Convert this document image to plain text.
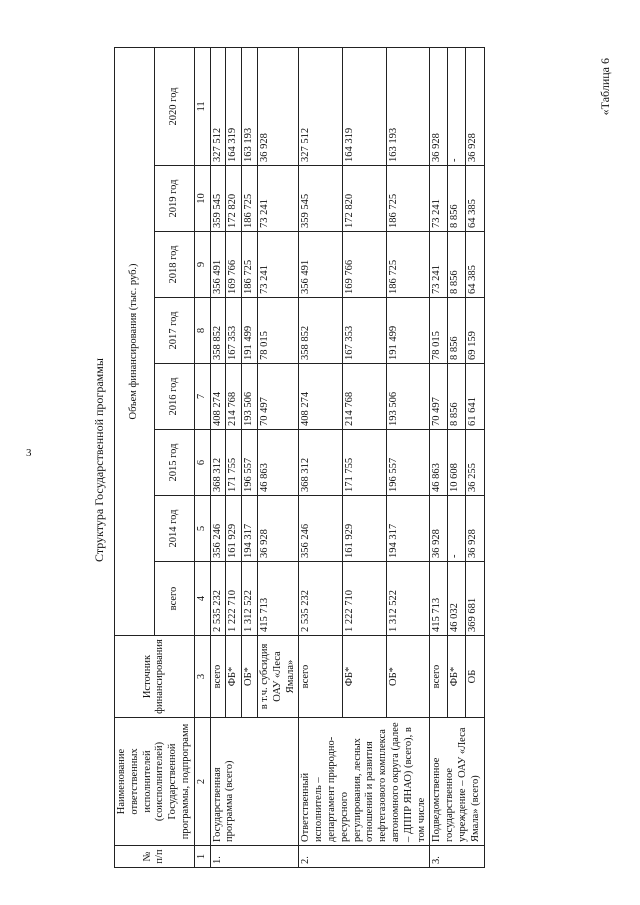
3
«Таблица 6
Структура Государственной программы
№ п/п	Наименование ответственных исполнителей (соисполнителей) Государственной программы, подпрограмм	Источник финансирования	Объем финансирования (тыс. руб.)							
			всего	2014 год	2015 год	2016 год	2017 год	2018 год	2019 год	2020 год
1	2	3	4	5	6	7	8	9	10	11
1.	Государственная программа (всего)	всего	2 535 232	356 246	368 312	408 274	358 852	356 491	359 545	327 512
		ФБ*	1 222 710	161 929	171 755	214 768	167 353	169 766	172 820	164 319
		ОБ*	1 312 522	194 317	196 557	193 506	191 499	186 725	186 725	163 193
		в т.ч. субсидия ОАУ «Леса Ямала»	415 713	36 928	46 863	70 497	78 015	73 241	73 241	36 928
2.	Ответственный исполнитель – департамент природно-ресурсного регулирования, лесных отношений и развития нефтегазового комплекса автономного округа (далее – ДППР ЯНАО) (всего), в том числе	всего	2 535 232	356 246	368 312	408 274	358 852	356 491	359 545	327 512
		ФБ*	1 222 710	161 929	171 755	214 768	167 353	169 766	172 820	164 319
		ОБ*	1 312 522	194 317	196 557	193 506	191 499	186 725	186 725	163 193
3.	Подведомственное государственное учреждение – ОАУ «Леса Ямала» (всего)	всего	415 713	36 928	46 863	70 497	78 015	73 241	73 241	36 928
		ФБ*	46 032	-	10 608	8 856	8 856	8 856	8 856	-
		ОБ	369 681	36 928	36 255	61 641	69 159	64 385	64 385	36 928
